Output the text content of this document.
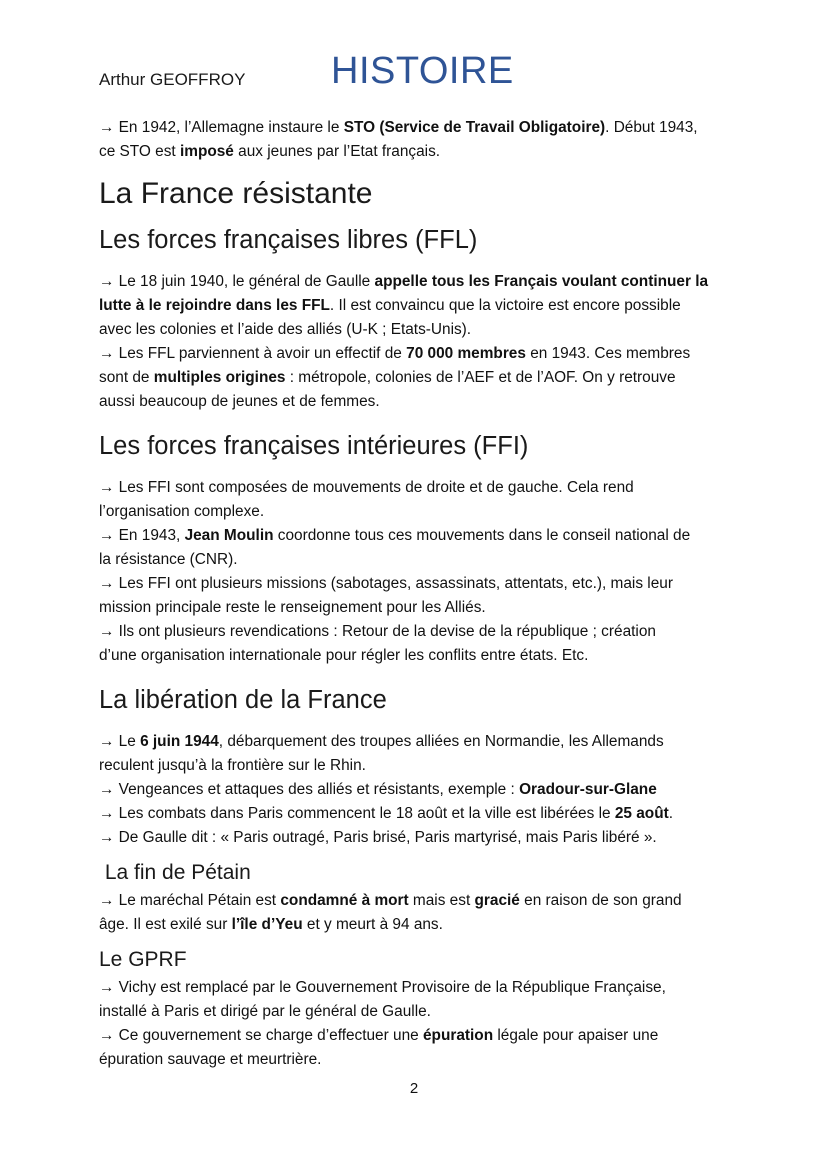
Arthur GEOFFROY HISTOIRE
→ En 1942, l’Allemagne instaure le STO (Service de Travail Obligatoire). Début 1943,
ce STO est imposé aux jeunes par l’Etat français.
La France résistante
Les forces françaises libres (FFL)
→ Le 18 juin 1940, le général de Gaulle appelle tous les Français voulant continuer la
lutte à le rejoindre dans les FFL. Il est convaincu que la victoire est encore possible
avec les colonies et l’aide des alliés (U-K ; Etats-Unis).
→ Les FFL parviennent à avoir un effectif de 70 000 membres en 1943. Ces membres
sont de multiples origines : métropole, colonies de l’AEF et de l’AOF. On y retrouve
aussi beaucoup de jeunes et de femmes.
Les forces françaises intérieures (FFI)
→ Les FFI sont composées de mouvements de droite et de gauche. Cela rend
l’organisation complexe.
→ En 1943, Jean Moulin coordonne tous ces mouvements dans le conseil national de
la résistance (CNR).
→ Les FFI ont plusieurs missions (sabotages, assassinats, attentats, etc.), mais leur
mission principale reste le renseignement pour les Alliés.
→ Ils ont plusieurs revendications : Retour de la devise de la république ; création
d’une organisation internationale pour régler les conflits entre états. Etc.
La libération de la France
→ Le 6 juin 1944, débarquement des troupes alliées en Normandie, les Allemands
reculent jusqu’à la frontière sur le Rhin.
→ Vengeances et attaques des alliés et résistants, exemple : Oradour-sur-Glane
→ Les combats dans Paris commencent le 18 août et la ville est libérées le 25 août.
→ De Gaulle dit : « Paris outragé, Paris brisé, Paris martyrisé, mais Paris libéré ».
La fin de Pétain
→ Le maréchal Pétain est condamné à mort mais est gracié en raison de son grand
âge. Il est exilé sur l’île d’Yeu et y meurt à 94 ans.
Le GPRF
→ Vichy est remplacé par le Gouvernement Provisoire de la République Française,
installé à Paris et dirigé par le général de Gaulle.
→ Ce gouvernement se charge d’effectuer une épuration légale pour apaiser une
épuration sauvage et meurtrière.
2
